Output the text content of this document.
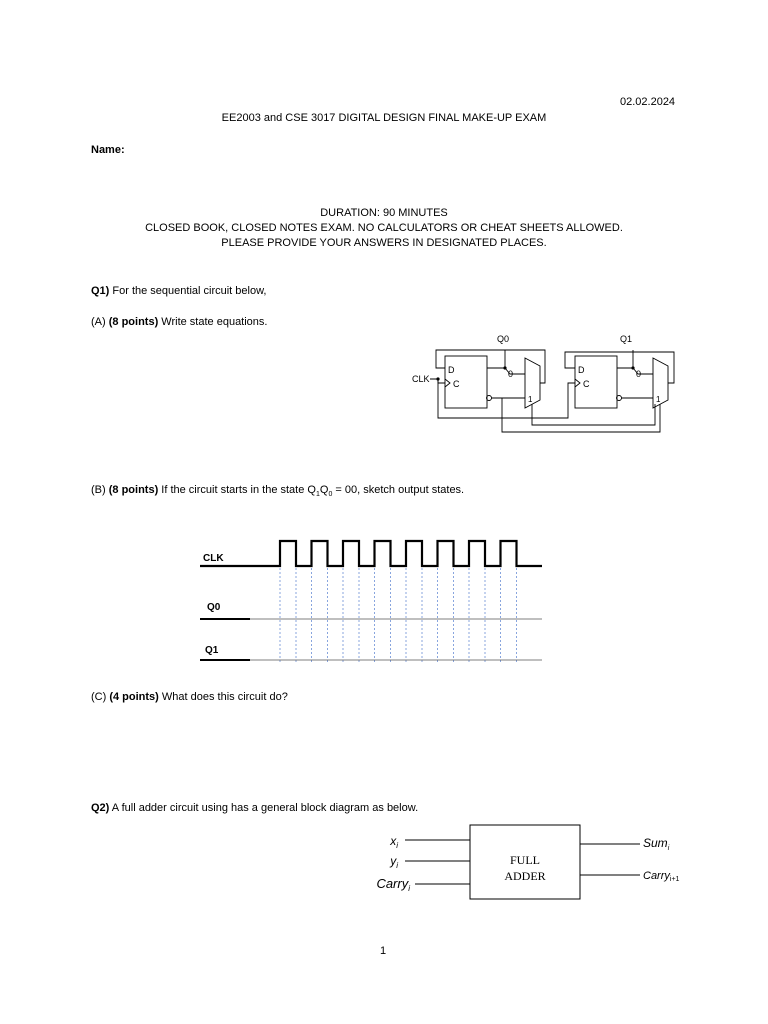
02.02.2024
EE2003 and CSE 3017 DIGITAL DESIGN FINAL MAKE-UP EXAM
Name:
DURATION: 90 MINUTES
CLOSED BOOK, CLOSED NOTES EXAM. NO CALCULATORS OR CHEAT SHEETS ALLOWED.
PLEASE PROVIDE YOUR ANSWERS IN DESIGNATED PLACES.
Q1) For the sequential circuit below,
(A) (8 points) Write state equations.
Q0	Q1
CLK
D
C
D
C
0
1
0
1
(B) (8 points) If the circuit starts in the state $Q_1Q_0 = 00$, sketch output states.
CLK
Q0
Q1
(C) (4 points) What does this circuit do?
Q2) A full adder circuit using has a general block diagram as below.
FULL
ADDER
$x_i$
$y_i$
Carry$_i$
Sum$_i$
Carryi+1
1
